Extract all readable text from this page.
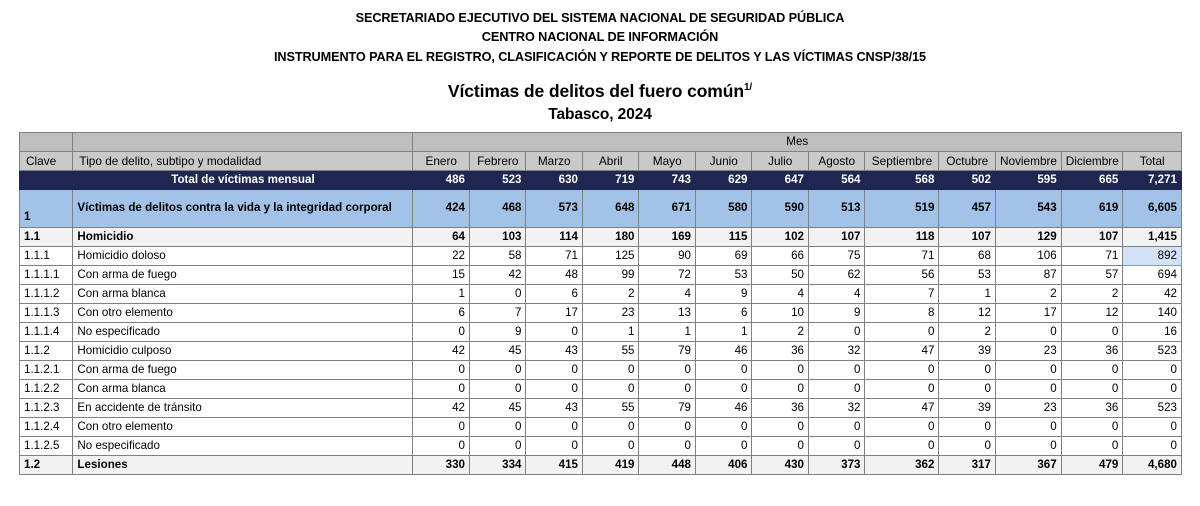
SECRETARIADO EJECUTIVO DEL SISTEMA NACIONAL DE SEGURIDAD PÚBLICA
CENTRO NACIONAL DE INFORMACIÓN
INSTRUMENTO PARA EL REGISTRO, CLASIFICACIÓN Y REPORTE DE DELITOS Y LAS VÍCTIMAS CNSP/38/15
Víctimas de delitos del fuero común$^{1/}$
Tabasco, 2024
		Mes												
Clave	Tipo de delito, subtipo y modalidad	Enero	Febrero	Marzo	Abril	Mayo	Junio	Julio	Agosto	Septiembre	Octubre	Noviembre	Diciembre	Total
	Total de víctimas mensual	486	523	630	719	743	629	647	564	568	502	595	665	7,271
1	Víctimas de delitos contra la vida y la integridad corporal	424	468	573	648	671	580	590	513	519	457	543	619	6,605
1.1	Homicidio	64	103	114	180	169	115	102	107	118	107	129	107	1,415
1.1.1	Homicidio doloso	22	58	71	125	90	69	66	75	71	68	106	71	892
1.1.1.1	Con arma de fuego	15	42	48	99	72	53	50	62	56	53	87	57	694
1.1.1.2	Con arma blanca	1	0	6	2	4	9	4	4	7	1	2	2	42
1.1.1.3	Con otro elemento	6	7	17	23	13	6	10	9	8	12	17	12	140
1.1.1.4	No especificado	0	9	0	1	1	1	2	0	0	2	0	0	16
1.1.2	Homicidio culposo	42	45	43	55	79	46	36	32	47	39	23	36	523
1.1.2.1	Con arma de fuego	0	0	0	0	0	0	0	0	0	0	0	0	0
1.1.2.2	Con arma blanca	0	0	0	0	0	0	0	0	0	0	0	0	0
1.1.2.3	En accidente de tránsito	42	45	43	55	79	46	36	32	47	39	23	36	523
1.1.2.4	Con otro elemento	0	0	0	0	0	0	0	0	0	0	0	0	0
1.1.2.5	No especificado	0	0	0	0	0	0	0	0	0	0	0	0	0
1.2	Lesiones	330	334	415	419	448	406	430	373	362	317	367	479	4,680
